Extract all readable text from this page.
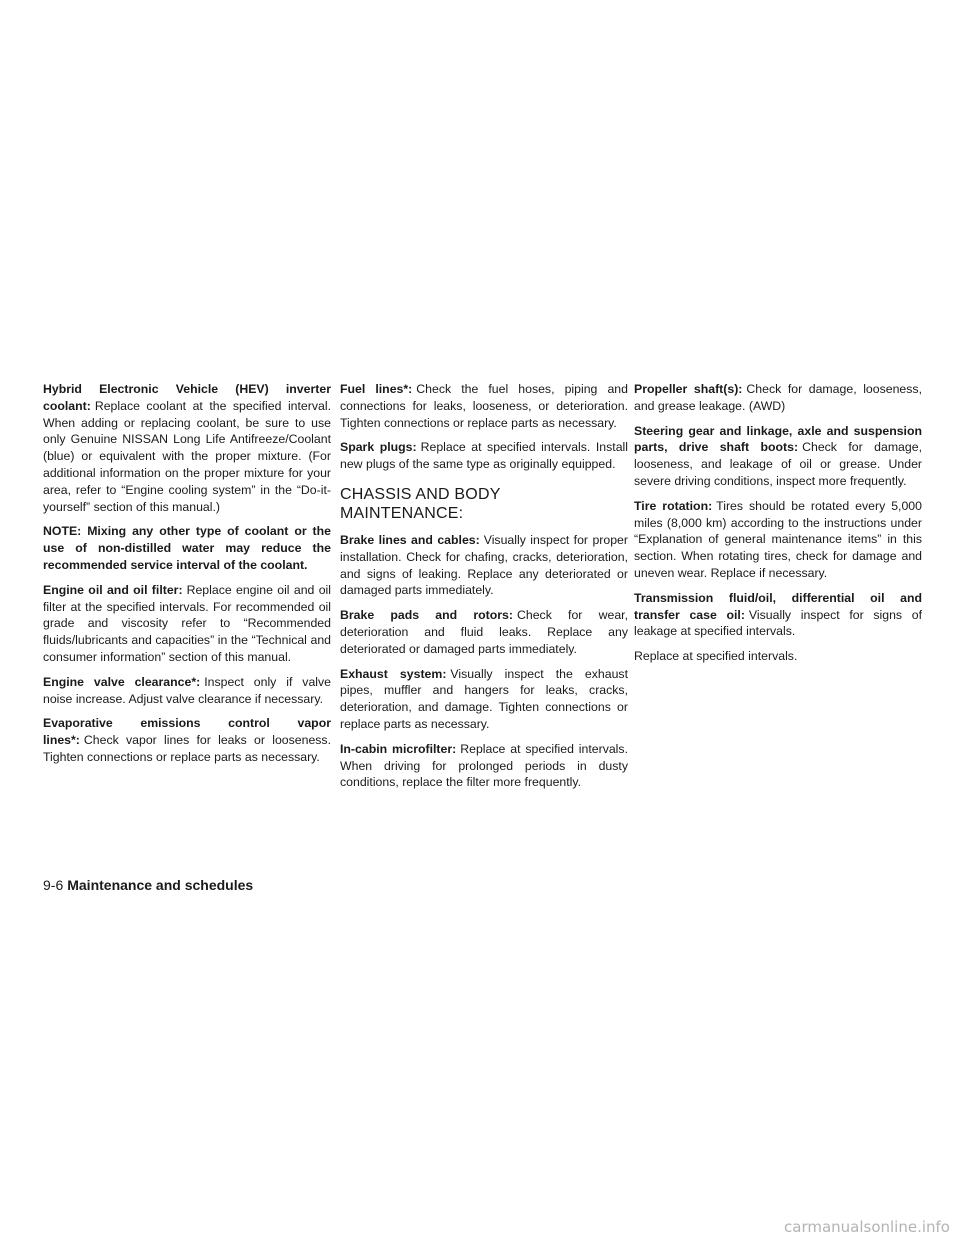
Hybrid Electronic Vehicle (HEV) inverter coolant: Replace coolant at the specified interval. When adding or replacing coolant, be sure to use only Genuine NISSAN Long Life Antifreeze/Coolant (blue) or equivalent with the proper mixture. (For additional information on the proper mixture for your area, refer to “Engine cooling system” in the “Do-it-yourself” section of this manual.)

NOTE: Mixing any other type of coolant or the use of non-distilled water may reduce the recommended service interval of the coolant.

Engine oil and oil filter: Replace engine oil and oil filter at the specified intervals. For recommended oil grade and viscosity refer to “Recommended fluids/lubricants and capacities” in the “Technical and consumer information” section of this manual.

Engine valve clearance*: Inspect only if valve noise increase. Adjust valve clearance if necessary.

Evaporative emissions control vapor lines*: Check vapor lines for leaks or looseness. Tighten connections or replace parts as necessary.

Fuel lines*: Check the fuel hoses, piping and connections for leaks, looseness, or deterioration. Tighten connections or replace parts as necessary.

Spark plugs: Replace at specified intervals. Install new plugs of the same type as originally equipped.

CHASSIS AND BODY MAINTENANCE:

Brake lines and cables: Visually inspect for proper installation. Check for chafing, cracks, deterioration, and signs of leaking. Replace any deteriorated or damaged parts immediately.

Brake pads and rotors: Check for wear, deterioration and fluid leaks. Replace any deteriorated or damaged parts immediately.

Exhaust system: Visually inspect the exhaust pipes, muffler and hangers for leaks, cracks, deterioration, and damage. Tighten connections or replace parts as necessary.

In-cabin microfilter: Replace at specified intervals. When driving for prolonged periods in dusty conditions, replace the filter more frequently.

Propeller shaft(s): Check for damage, looseness, and grease leakage. (AWD)

Steering gear and linkage, axle and suspension parts, drive shaft boots: Check for damage, looseness, and leakage of oil or grease. Under severe driving conditions, inspect more frequently.

Tire rotation: Tires should be rotated every 5,000 miles (8,000 km) according to the instructions under “Explanation of general maintenance items” in this section. When rotating tires, check for damage and uneven wear. Replace if necessary.

Transmission fluid/oil, differential oil and transfer case oil: Visually inspect for signs of leakage at specified intervals.

Replace at specified intervals.

9-6 Maintenance and schedules
carmanualsonline.info
